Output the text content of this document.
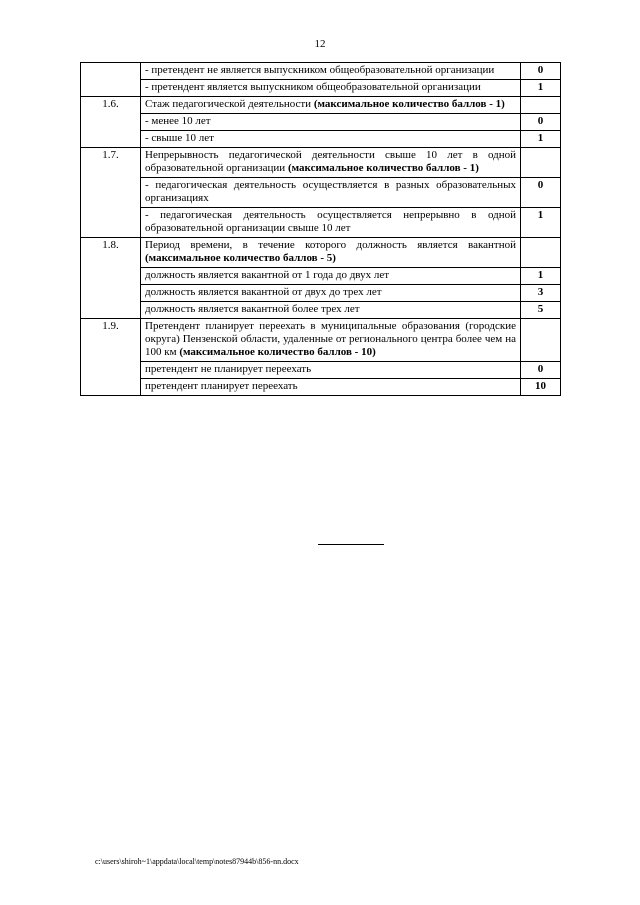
12
	- претендент не является выпускником общеобразовательной организации	0
	- претендент является выпускником общеобразовательной организации	1
1.6.	Стаж педагогической деятельности (максимальное количество баллов - 1)	
	- менее 10 лет	0
	- свыше 10 лет	1
1.7.	Непрерывность педагогической деятельности свыше 10 лет в одной образовательной организации (максимальное количество баллов - 1)	
	- педагогическая деятельность осуществляется в разных образовательных организациях	0
	- педагогическая деятельность осуществляется непрерывно в одной образовательной организации свыше 10 лет	1
1.8.	Период времени, в течение которого должность является вакантной (максимальное количество баллов - 5)	
	должность является вакантной от 1 года до двух лет	1
	должность является вакантной от двух до трех лет	3
	должность является вакантной более трех лет	5
1.9.	Претендент планирует переехать в муниципальные образования (городские округа) Пензенской области, удаленные от регионального центра более чем на 100 км (максимальное количество баллов - 10)	
	претендент не планирует переехать	0
	претендент планирует переехать	10
c:\users\shiroh~1\appdata\local\temp\notes87944b\856-nn.docx
